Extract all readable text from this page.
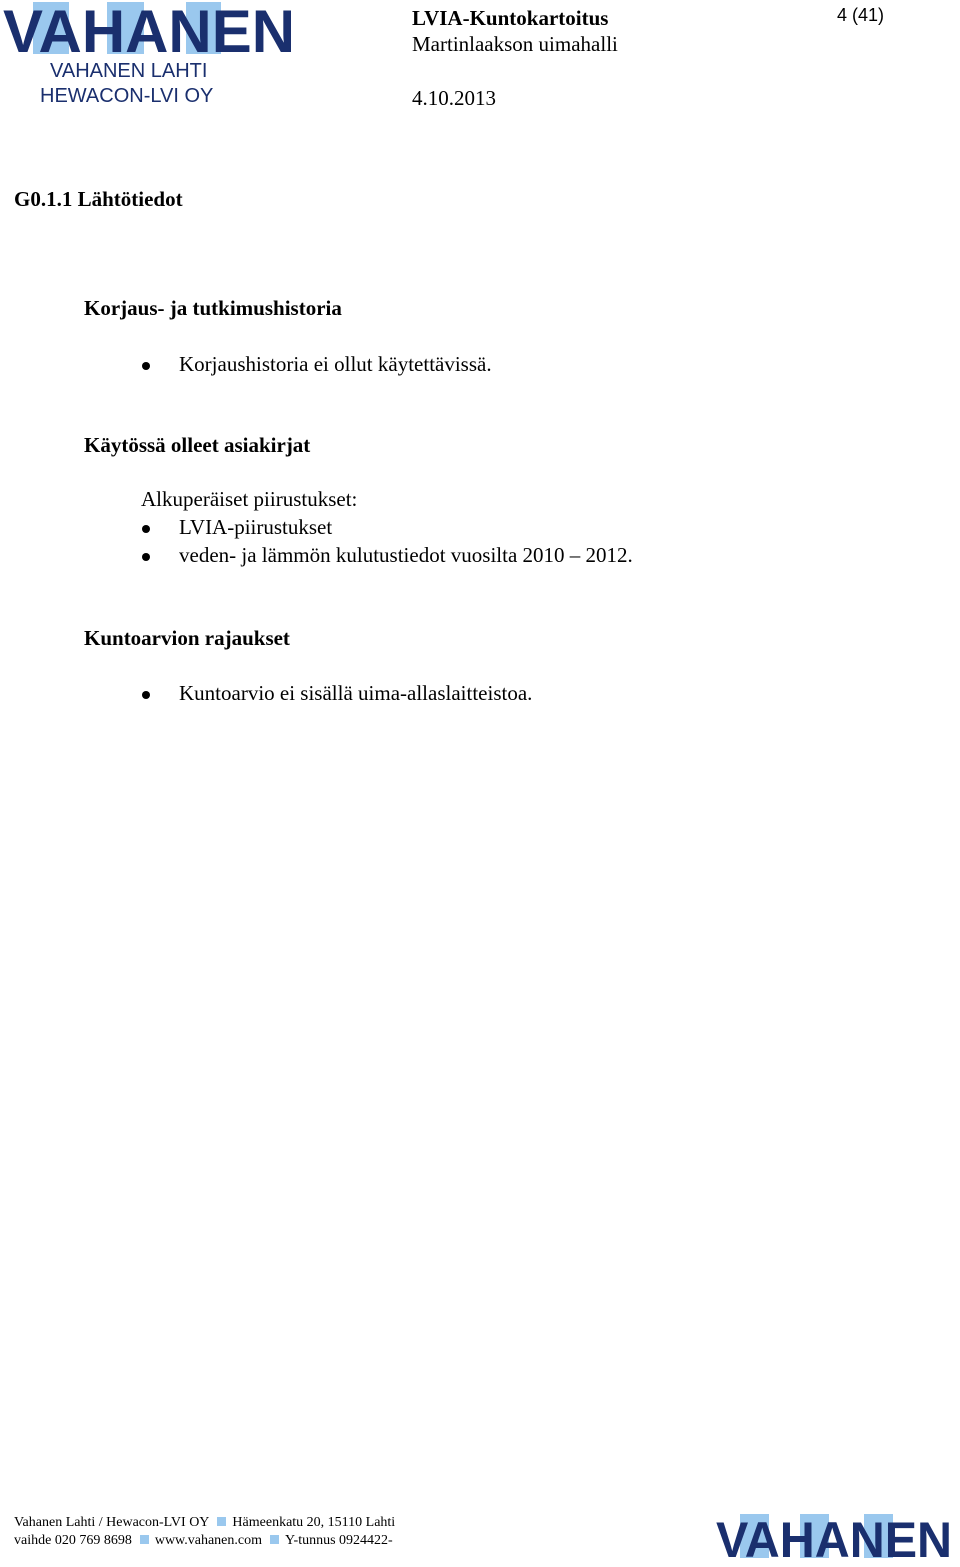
VAHANEN
VAHANEN LAHTI
HEWACON-LVI OY
LVIA-Kuntokartoitus
Martinlaakson uimahalli
4.10.2013
4 (41)
G0.1.1 Lähtötiedot
Korjaus- ja tutkimushistoria
Korjaushistoria ei ollut käytettävissä.
Käytössä olleet asiakirjat
Alkuperäiset piirustukset:
LVIA-piirustukset
veden- ja lämmön kulutustiedot vuosilta 2010 – 2012.
Kuntoarvion rajaukset
Kuntoarvio ei sisällä uima-allaslaitteistoa.
Vahanen Lahti / Hewacon-LVI OY Hämeenkatu 20, 15110 Lahti
vaihde 020 769 8698 www.vahanen.com Y-tunnus 0924422-	VAHANEN
